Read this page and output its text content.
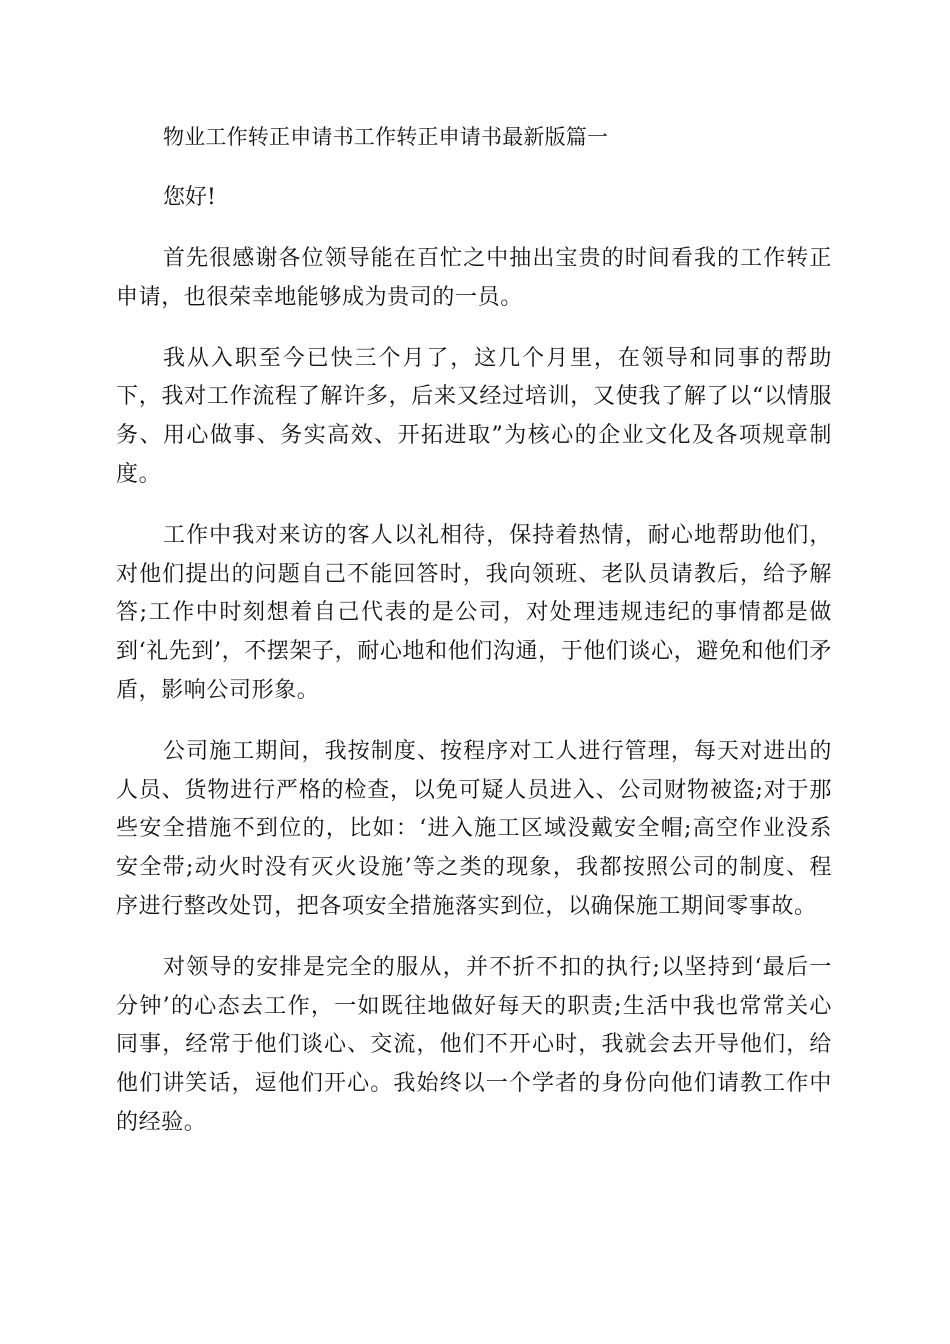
物业工作转正申请书工作转正申请书最新版篇一

您好!

首先很感谢各位领导能在百忙之中抽出宝贵的时间看我的工作转正申请，也很荣幸地能够成为贵司的一员。

我从入职至今已快三个月了，这几个月里，在领导和同事的帮助下，我对工作流程了解许多，后来又经过培训，又使我了解了以“以情服务、用心做事、务实高效、开拓进取”为核心的企业文化及各项规章制度。

工作中我对来访的客人以礼相待，保持着热情，耐心地帮助他们，对他们提出的问题自己不能回答时，我向领班、老队员请教后，给予解答;工作中时刻想着自己代表的是公司，对处理违规违纪的事情都是做到‘礼先到’，不摆架子，耐心地和他们沟通，于他们谈心，避免和他们矛盾，影响公司形象。

公司施工期间，我按制度、按程序对工人进行管理，每天对进出的人员、货物进行严格的检查，以免可疑人员进入、公司财物被盗;对于那些安全措施不到位的，比如：‘进入施工区域没戴安全帽;高空作业没系安全带;动火时没有灭火设施’等之类的现象，我都按照公司的制度、程序进行整改处罚，把各项安全措施落实到位，以确保施工期间零事故。

对领导的安排是完全的服从，并不折不扣的执行;以坚持到‘最后一分钟’的心态去工作，一如既往地做好每天的职责;生活中我也常常关心同事，经常于他们谈心、交流，他们不开心时，我就会去开导他们，给他们讲笑话，逗他们开心。我始终以一个学者的身份向他们请教工作中的经验。
